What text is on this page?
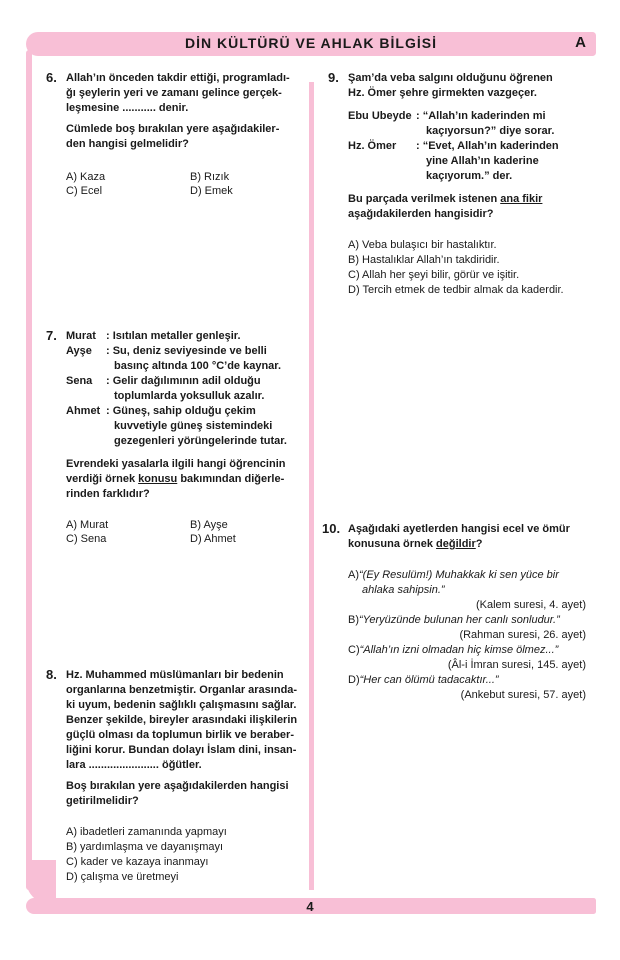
DİN KÜLTÜRÜ VE AHLAK BİLGİSİ	A
4
6. Allah’ın önceden takdir ettiği, programladı-
ğı şeylerin yeri ve zamanı gelince gerçek-
leşmesine ........... denir.
Cümlede boş bırakılan yere aşağıdakiler-
den hangisi gelmelidir?
A) Kaza	B) Rızık
C) Ecel	D) Emek
7. Murat : Isıtılan metaller genleşir.
Ayşe	: Su, deniz seviyesinde ve belli
basınç altında 100 °C’de kaynar.
Sena	: Gelir dağılımının adil olduğu
toplumlarda yoksulluk azalır.
Ahmet : Güneş, sahip olduğu çekim
kuvvetiyle güneş sistemindeki
gezegenleri yörüngelerinde tutar.
Evrendeki yasalarla ilgili hangi öğrencinin
verdiği örnek konusu bakımından diğerle-
rinden farklıdır?
A) Murat	B) Ayşe
C) Sena	D) Ahmet
8. Hz. Muhammed müslümanları bir bedenin
organlarına benzetmiştir. Organlar arasında-
ki uyum, bedenin sağlıklı çalışmasını sağlar.
Benzer şekilde, bireyler arasındaki ilişkilerin
güçlü olması da toplumun birlik ve beraber-
liğini korur. Bundan dolayı İslam dini, insan-
lara ....................... öğütler.
Boş bırakılan yere aşağıdakilerden hangisi
getirilmelidir?
A) ibadetleri zamanında yapmayı
B) yardımlaşma ve dayanışmayı
C) kader ve kazaya inanmayı
D) çalışma ve üretmeyi
9. Şam’da veba salgını olduğunu öğrenen
Hz. Ömer şehre girmekten vazgeçer.
Ebu Ubeyde : “Allah’ın kaderinden mi
kaçıyorsun?” diye sorar.
Hz. Ömer	: “Evet, Allah’ın kaderinden
yine Allah’ın kaderine
kaçıyorum.” der.
Bu parçada verilmek istenen ana fikir
aşağıdakilerden hangisidir?
A) Veba bulaşıcı bir hastalıktır.
B) Hastalıklar Allah’ın takdiridir.
C) Allah her şeyi bilir, görür ve işitir.
D) Tercih etmek de tedbir almak da kaderdir.
10. Aşağıdaki ayetlerden hangisi ecel ve ömür
konusuna örnek değildir?
A)“(Ey Resulüm!) Muhakkak ki sen yüce bir
ahlaka sahipsin.”
(Kalem suresi, 4. ayet)
B)“Yeryüzünde bulunan her canlı sonludur.”
(Rahman suresi, 26. ayet)
C)“Allah’ın izni olmadan hiç kimse ölmez...”
(Âl-i İmran suresi, 145. ayet)
D)“Her can ölümü tadacaktır...”
(Ankebut suresi, 57. ayet)
